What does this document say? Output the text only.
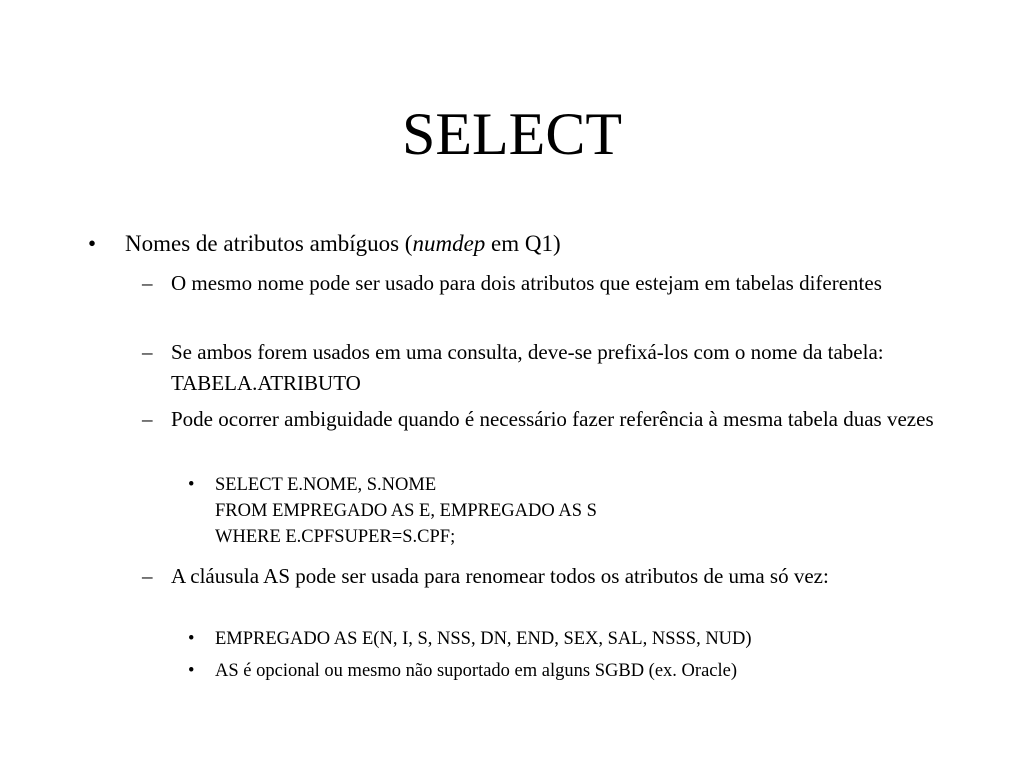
SELECT
• Nomes de atributos ambíguos (numdep em Q1)
– O mesmo nome pode ser usado para dois atributos que estejam em tabelas diferentes
– Se ambos forem usados em uma consulta, deve-se prefixá-los com o nome da tabela: TABELA.ATRIBUTO
– Pode ocorrer ambiguidade quando é necessário fazer referência à mesma tabela duas vezes
• SELECT E.NOME, S.NOME
FROM EMPREGADO AS E, EMPREGADO AS S
WHERE E.CPFSUPER=S.CPF;
– A cláusula AS pode ser usada para renomear todos os atributos de uma só vez:
• EMPREGADO AS E(N, I, S, NSS, DN, END, SEX, SAL, NSSS, NUD)
• AS é opcional ou mesmo não suportado em alguns SGBD (ex. Oracle)
